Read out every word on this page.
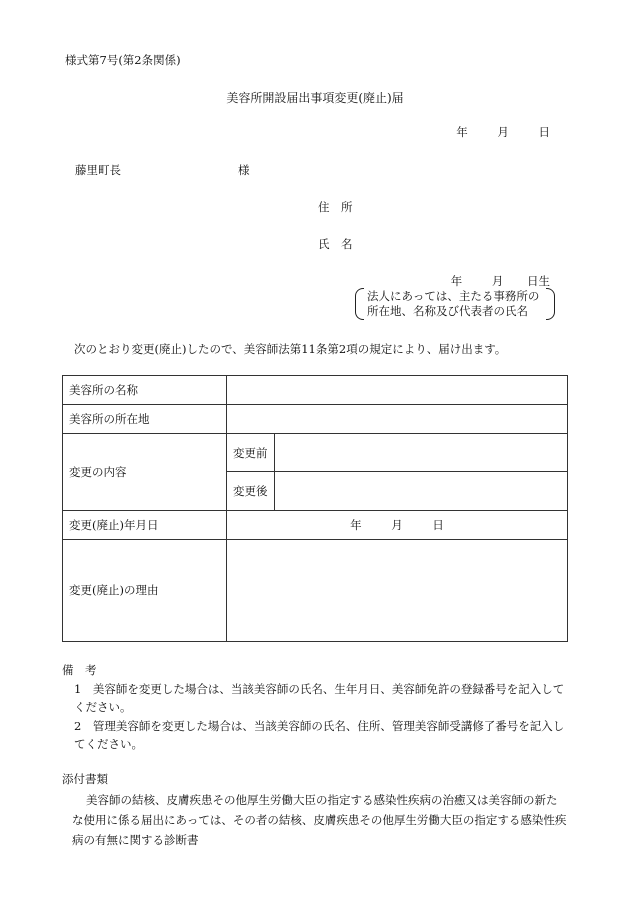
様式第7号(第2条関係)
美容所開設届出事項変更(廃止)届
年	月	日
藤里町長	様
住　所
氏　名
年	月 日生
法人にあっては、主たる事務所の
所在地、名称及び代表者の氏名
次のとおり変更(廃止)したので、美容師法第11条第2項の規定により、届け出ます。
美容所の名称		
美容所の所在地		
変更の内容	変更前	
	変更後	
変更(廃止)年月日	年 月 日	
変更(廃止)の理由		
備　考
1　美容師を変更した場合は、当該美容師の氏名、生年月日、美容師免許の登録番号を記入してください。
2　管理美容師を変更した場合は、当該美容師の氏名、住所、管理美容師受講修了番号を記入してください。
添付書類
美容師の結核、皮膚疾患その他厚生労働大臣の指定する感染性疾病の治癒又は美容師の新たな使用に係る届出にあっては、その者の結核、皮膚疾患その他厚生労働大臣の指定する感染性疾病の有無に関する診断書
